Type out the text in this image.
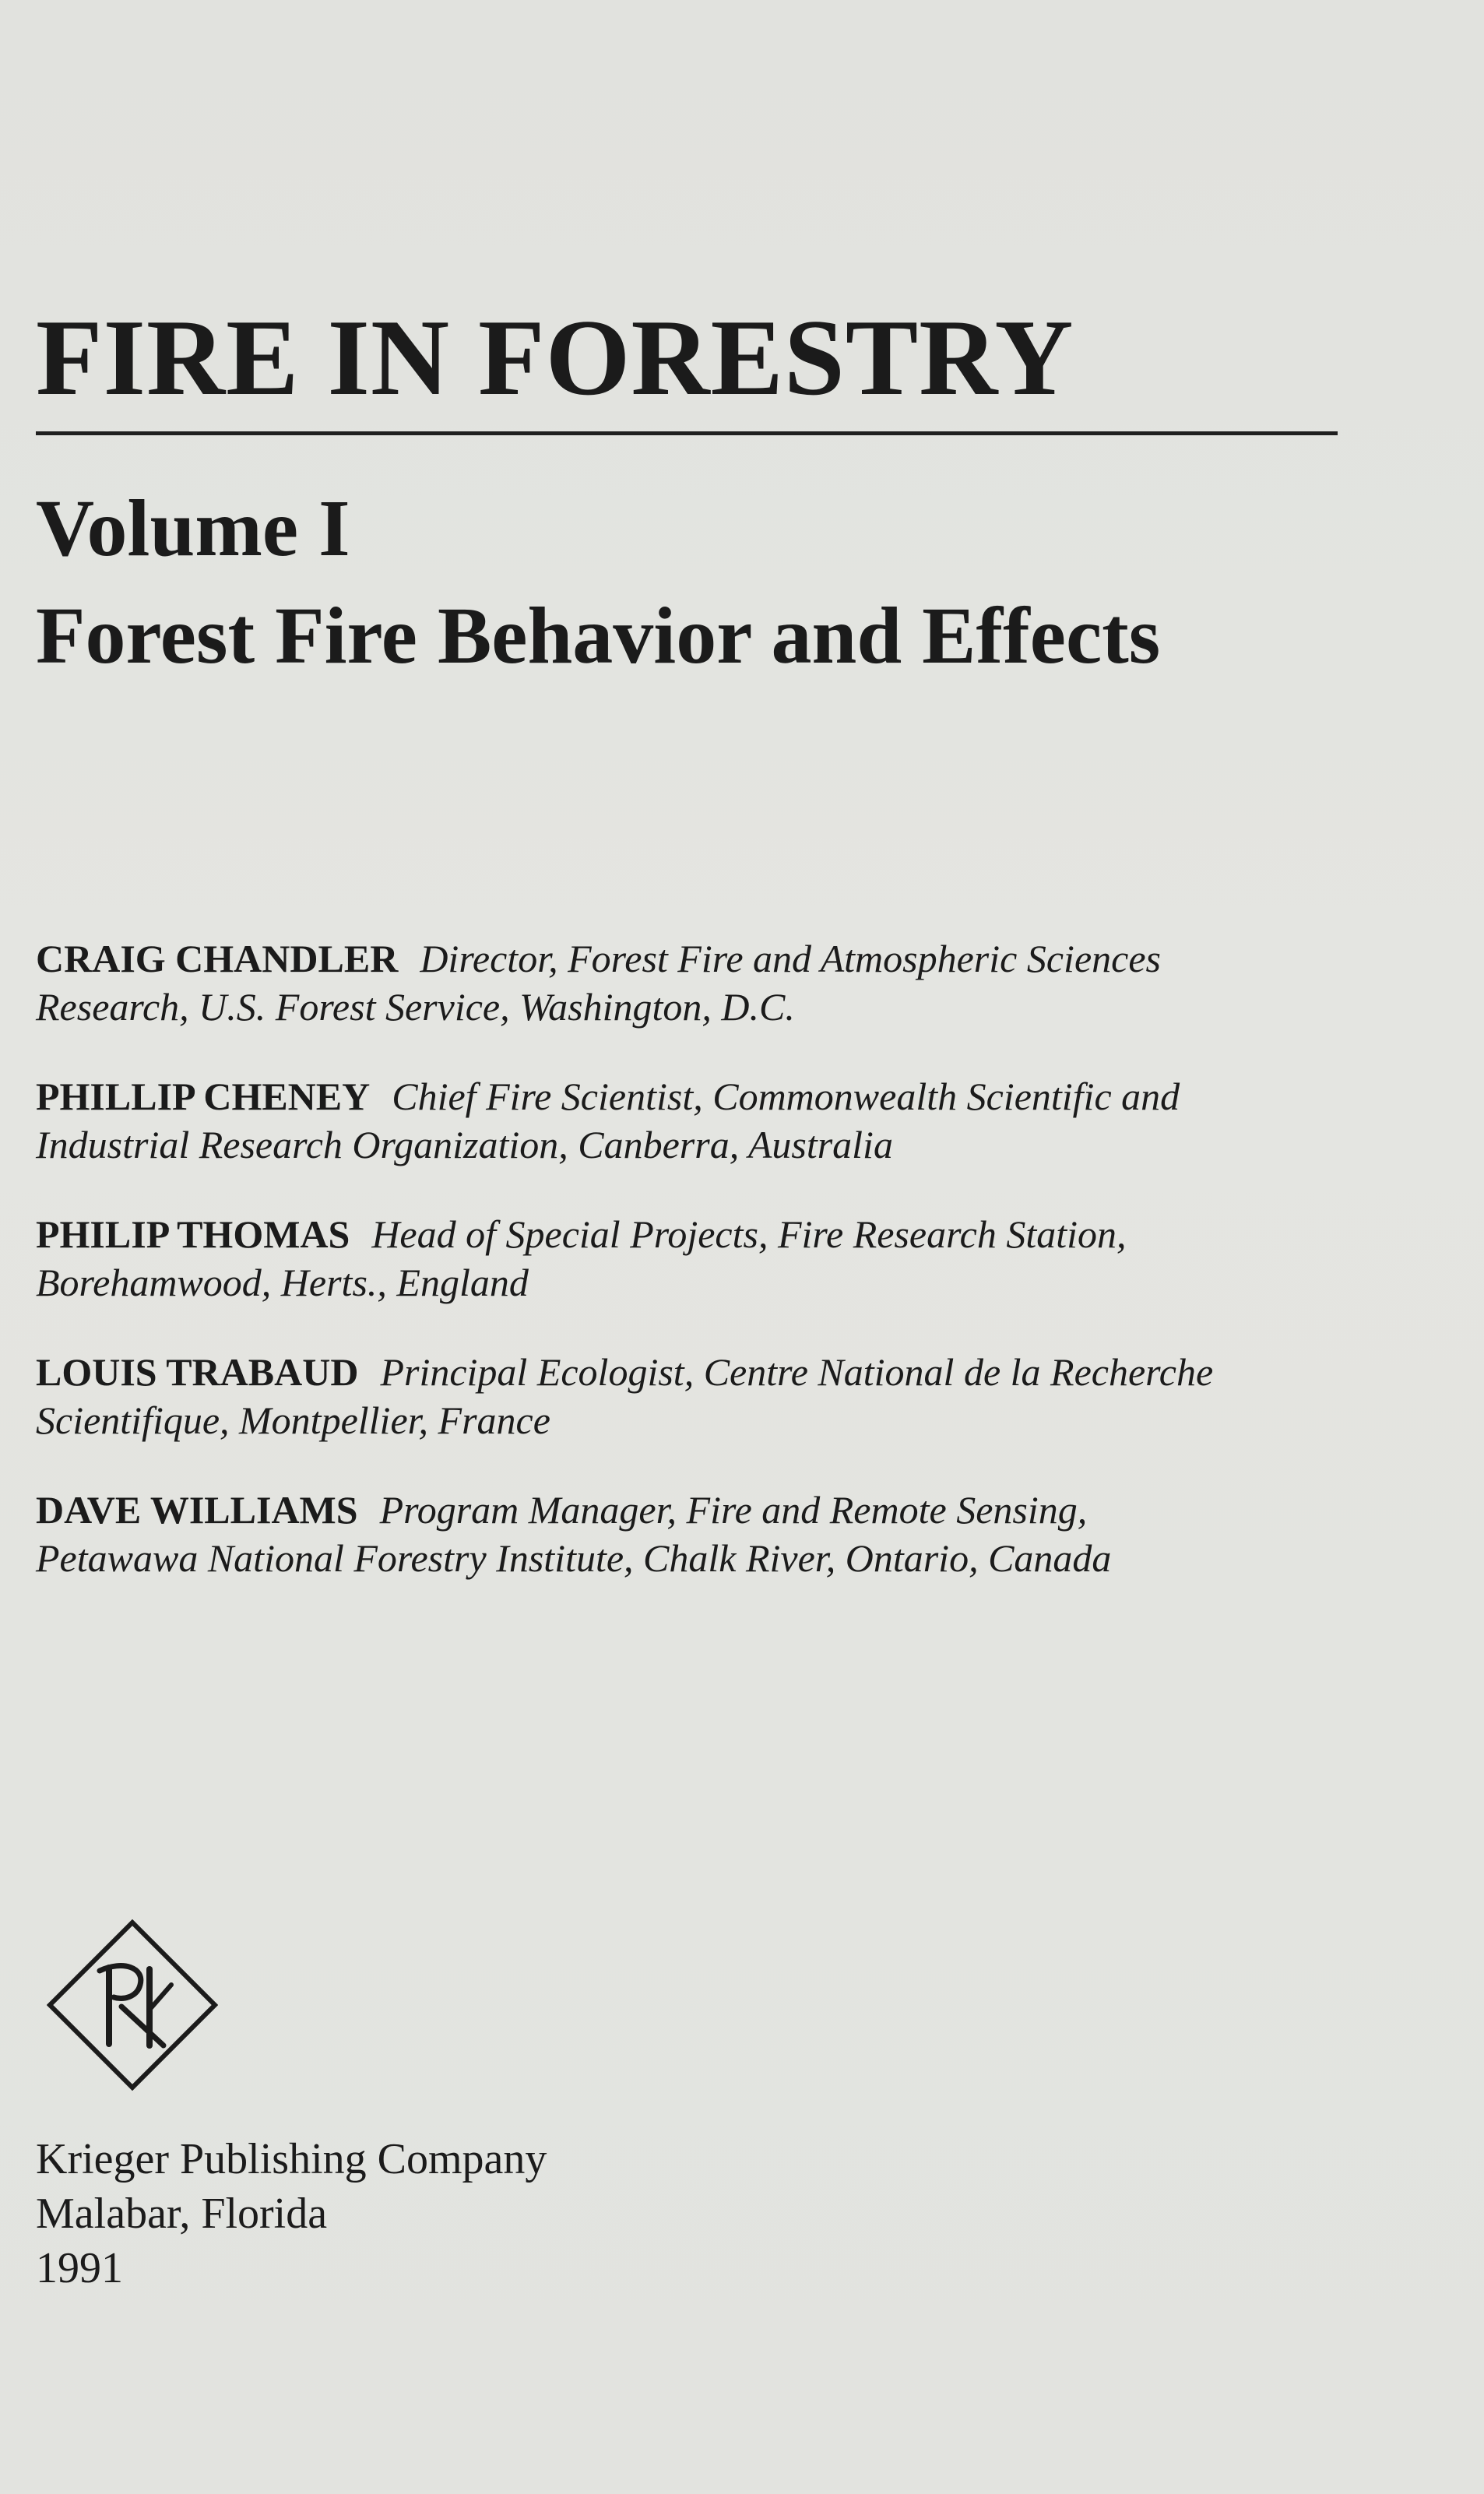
FIRE IN FORESTRY
Volume I
Forest Fire Behavior and Effects

CRAIG CHANDLER Director, Forest Fire and Atmospheric Sciences Research, U.S. Forest Service, Washington, D.C.

PHILLIP CHENEY Chief Fire Scientist, Commonwealth Scientific and Industrial Research Organization, Canberra, Australia

PHILIP THOMAS Head of Special Projects, Fire Research Station, Borehamwood, Herts., England

LOUIS TRABAUD Principal Ecologist, Centre National de la Recherche Scientifique, Montpellier, France

DAVE WILLIAMS Program Manager, Fire and Remote Sensing, Petawawa National Forestry Institute, Chalk River, Ontario, Canada

Krieger Publishing Company
Malabar, Florida
1991
